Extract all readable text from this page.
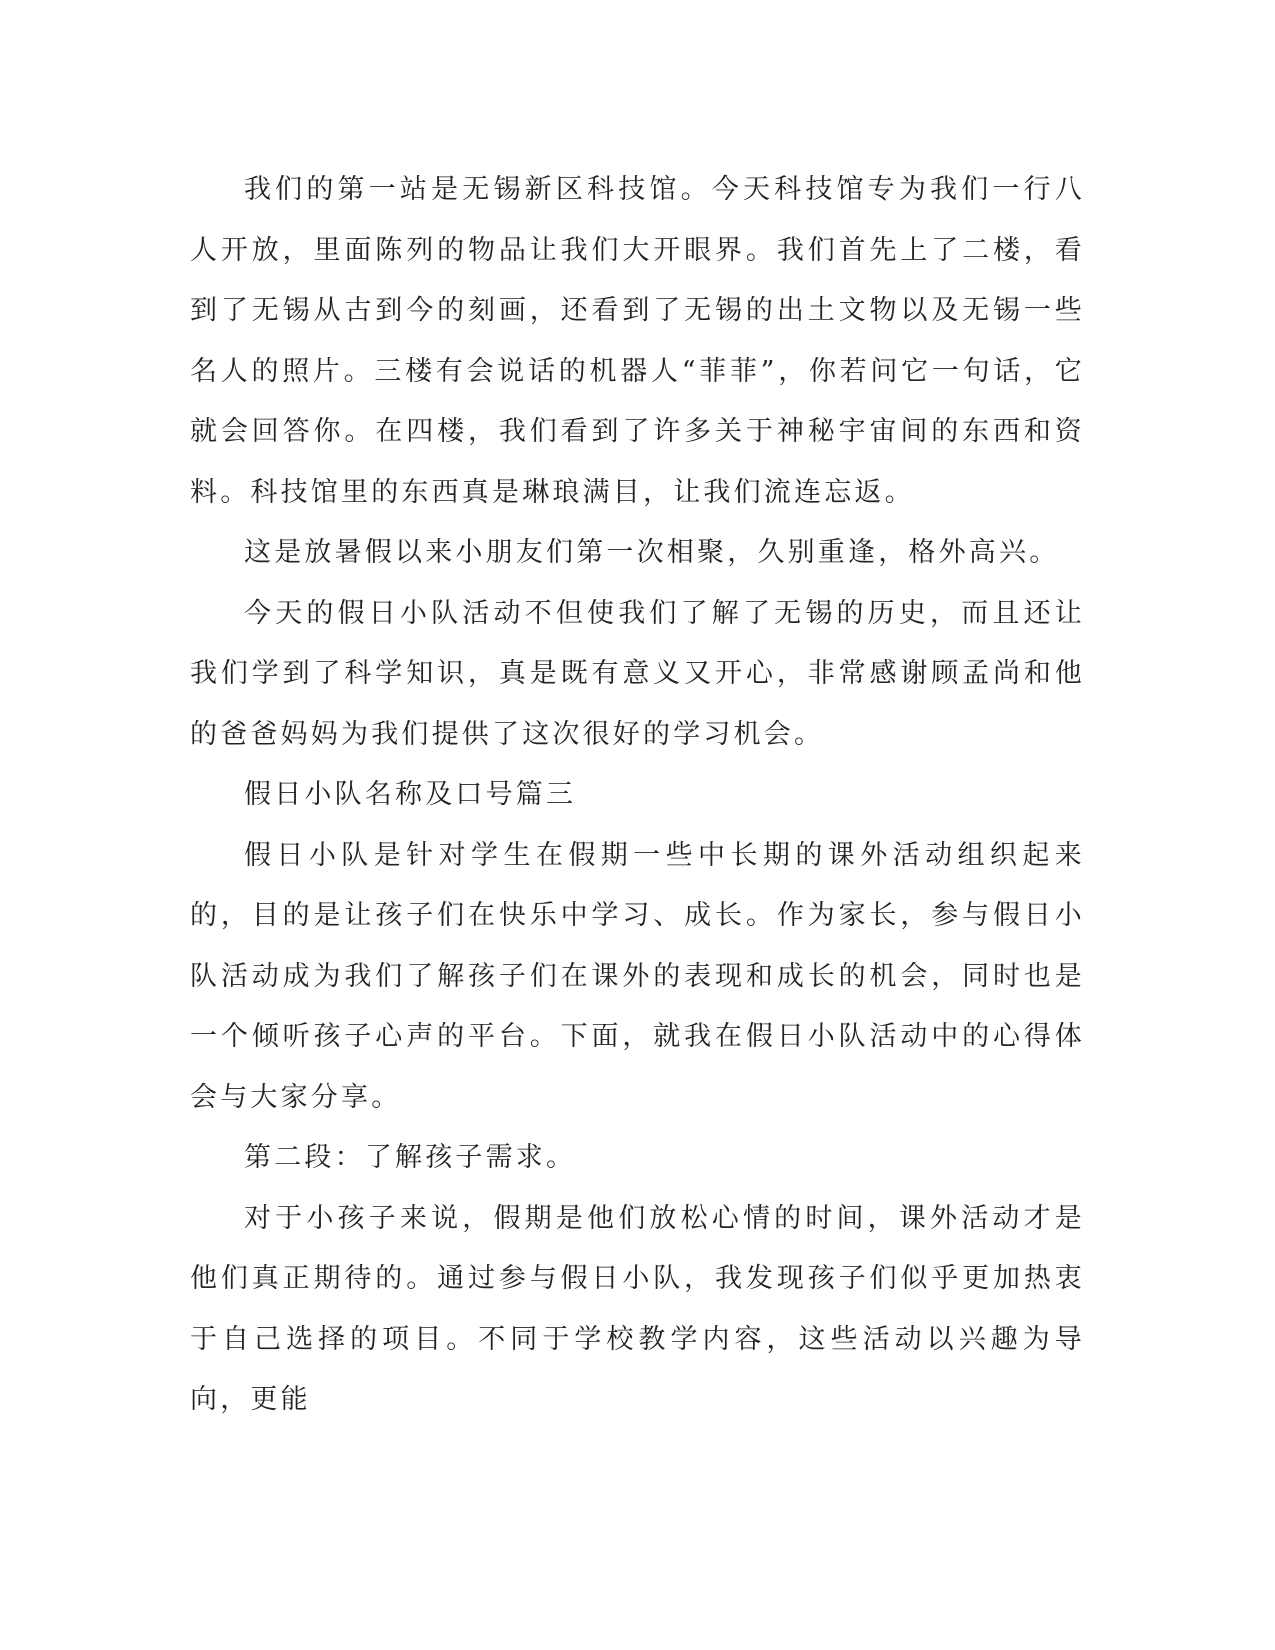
我们的第一站是无锡新区科技馆。今天科技馆专为我们一行八人开放，里面陈列的物品让我们大开眼界。我们首先上了二楼，看到了无锡从古到今的刻画，还看到了无锡的出土文物以及无锡一些名人的照片。三楼有会说话的机器人“菲菲”，你若问它一句话，它就会回答你。在四楼，我们看到了许多关于神秘宇宙间的东西和资料。科技馆里的东西真是琳琅满目，让我们流连忘返。

这是放暑假以来小朋友们第一次相聚，久别重逢，格外高兴。

今天的假日小队活动不但使我们了解了无锡的历史，而且还让我们学到了科学知识，真是既有意义又开心，非常感谢顾孟尚和他的爸爸妈妈为我们提供了这次很好的学习机会。

假日小队名称及口号篇三

假日小队是针对学生在假期一些中长期的课外活动组织起来的，目的是让孩子们在快乐中学习、成长。作为家长，参与假日小队活动成为我们了解孩子们在课外的表现和成长的机会，同时也是一个倾听孩子心声的平台。下面，就我在假日小队活动中的心得体会与大家分享。

第二段：了解孩子需求。

对于小孩子来说，假期是他们放松心情的时间，课外活动才是他们真正期待的。通过参与假日小队，我发现孩子们似乎更加热衷于自己选择的项目。不同于学校教学内容，这些活动以兴趣为导向，更能
